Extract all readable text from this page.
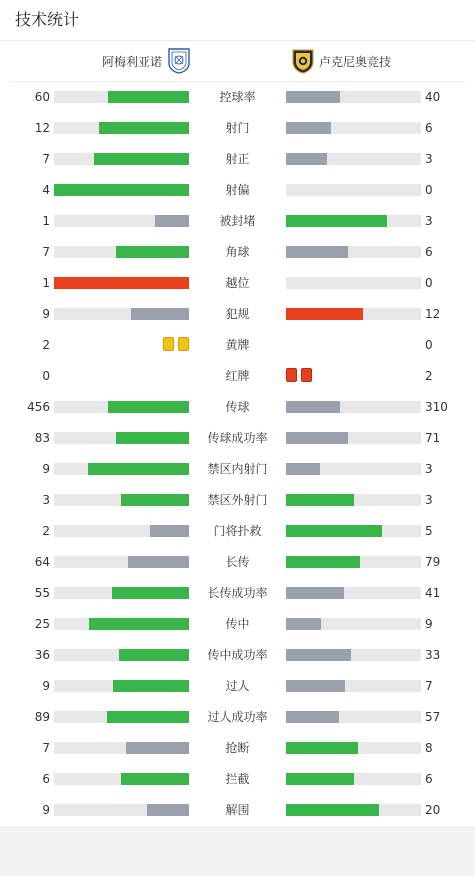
技术统计
阿梅利亚诺	卢克尼奥竞技
60	控球率	40
12	射门	6
7	射正	3
4	射偏	0
1	被封堵	3
7	角球	6
1	越位	0
9	犯规	12
2	黄牌	0
0	红牌	2
456	传球	310
83	传球成功率	71
9	禁区内射门	3
3	禁区外射门	3
2	门将扑救	5
64	长传	79
55	长传成功率	41
25	传中	9
36	传中成功率	33
9	过人	7
89	过人成功率	57
7	抢断	8
6	拦截	6
9	解围	20
